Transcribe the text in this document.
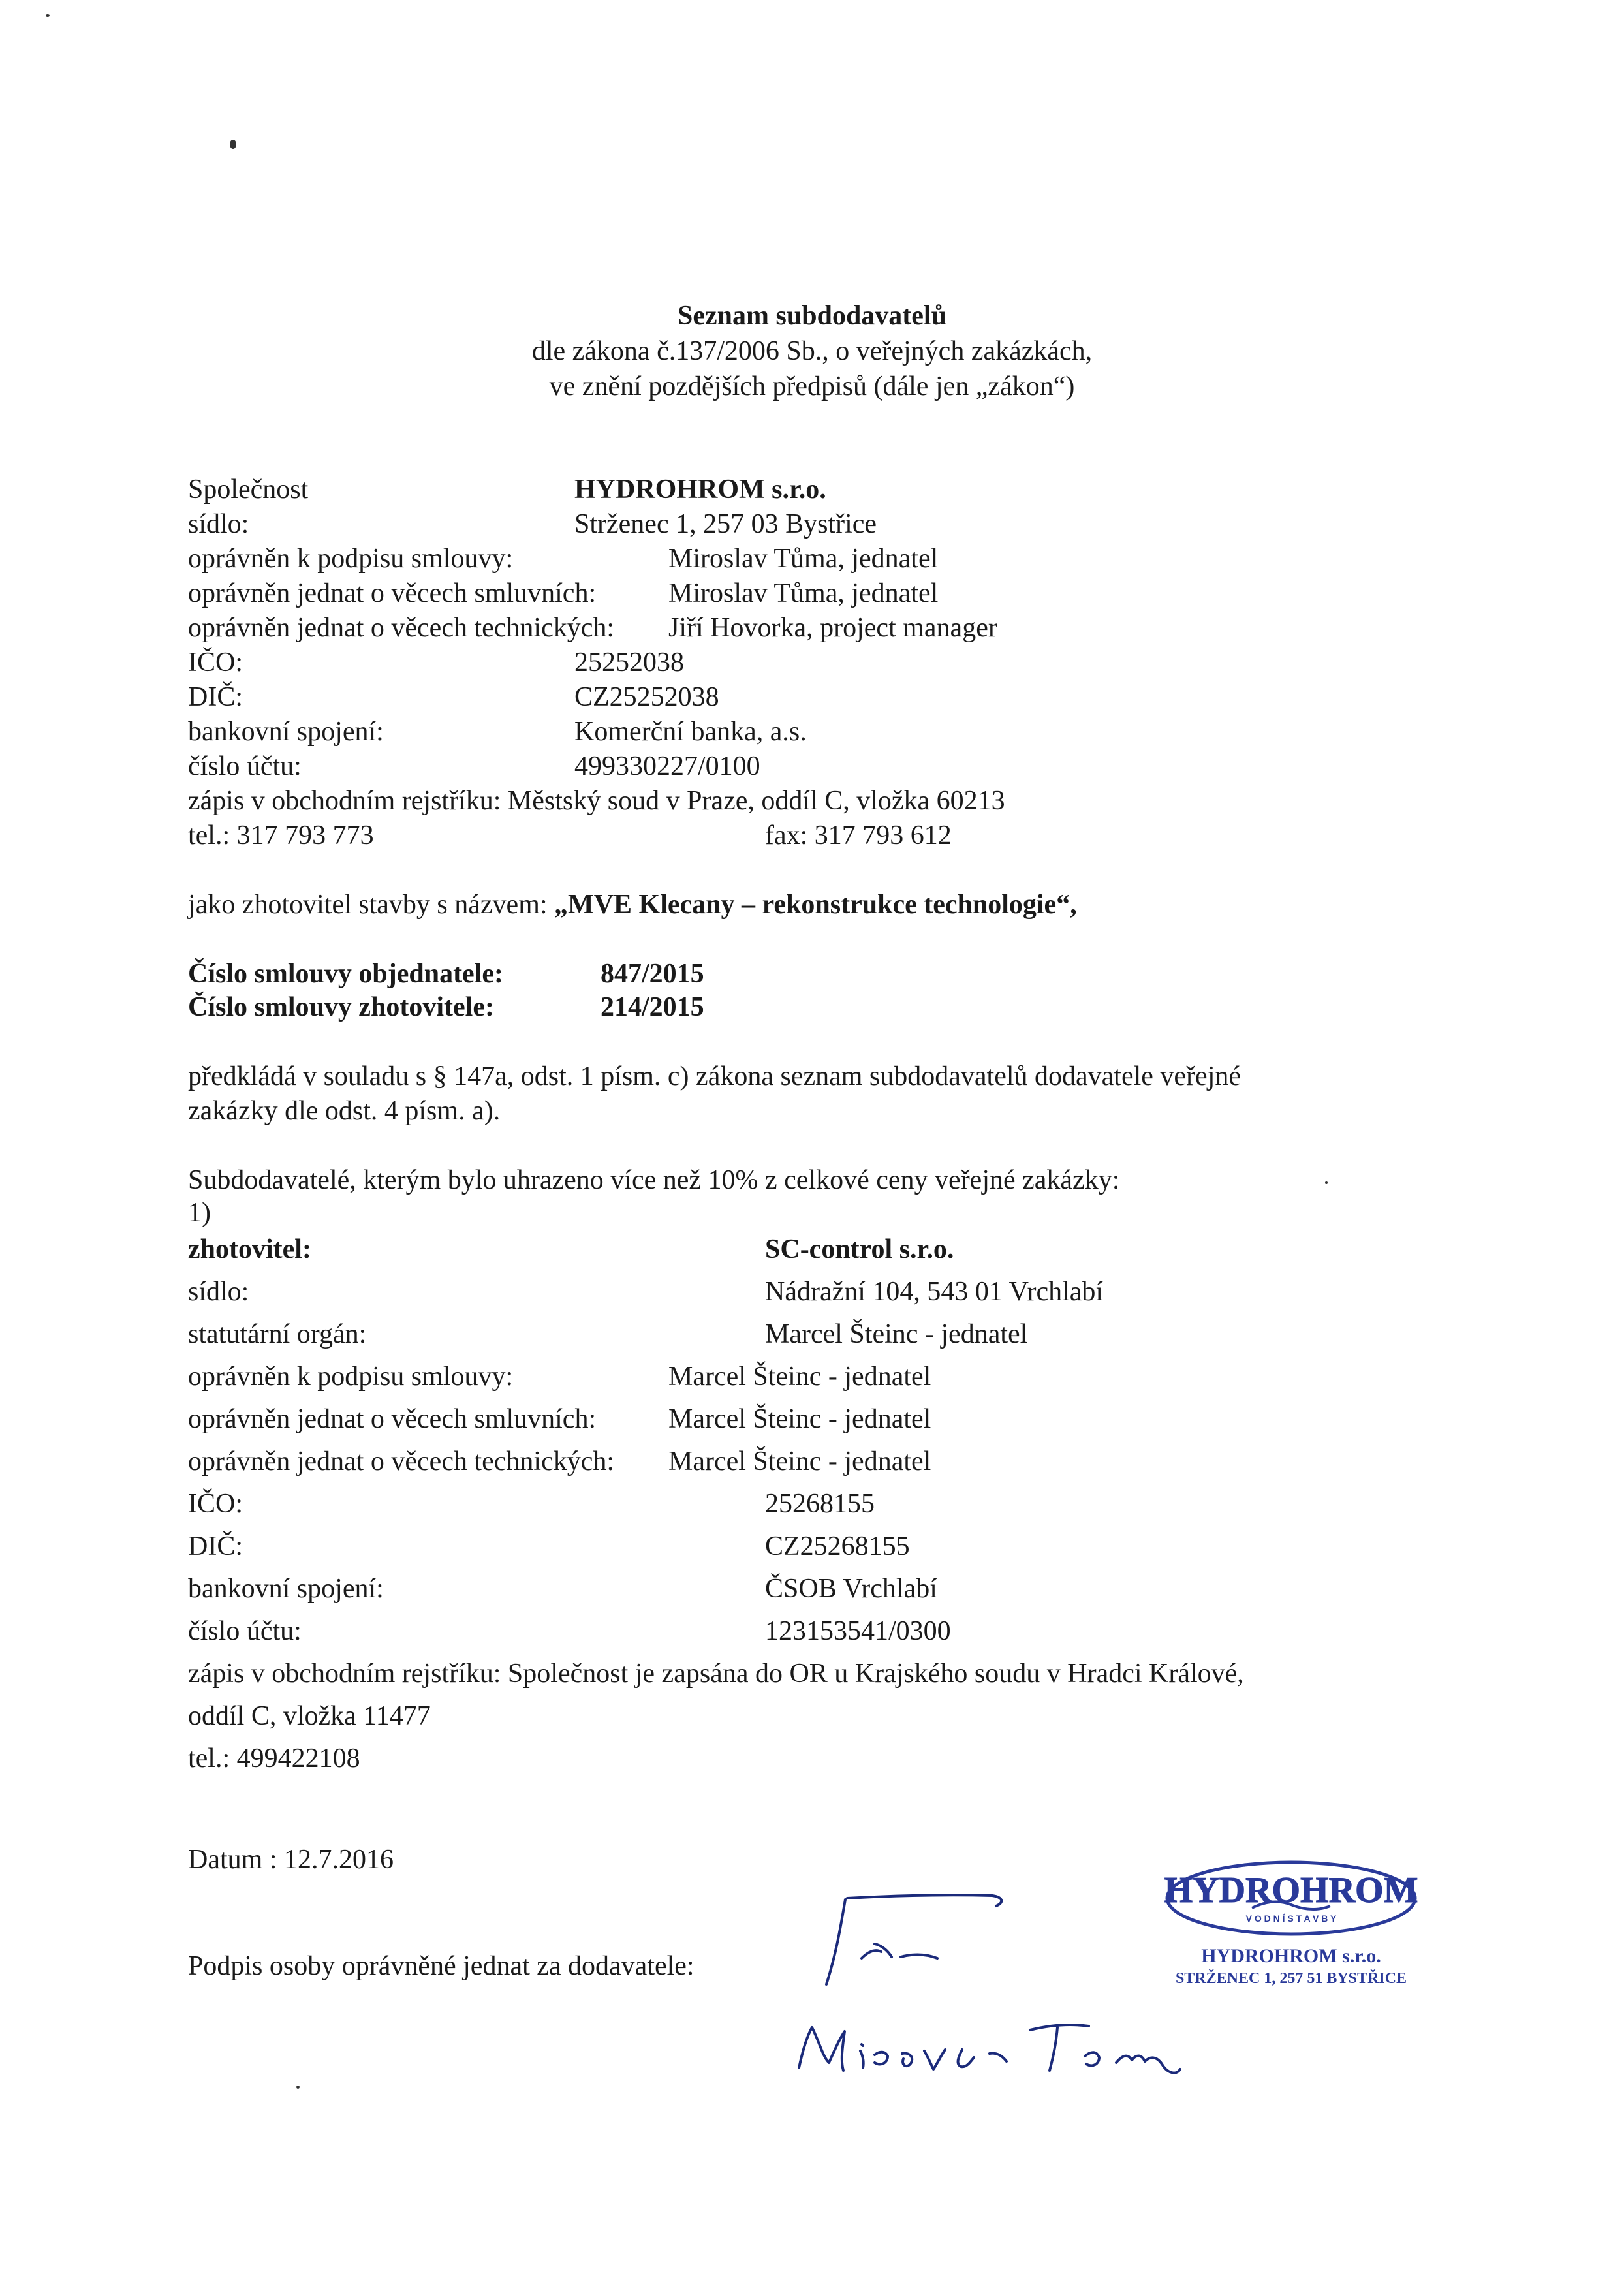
Seznam subdodavatelů
dle zákona č.137/2006 Sb., o veřejných zakázkách,
ve znění pozdějších předpisů (dále jen „zákon“)
Společnost	HYDROHROM s.r.o.
sídlo:	Strženec 1, 257 03 Bystřice
oprávněn k podpisu smlouvy:	Miroslav Tůma, jednatel
oprávněn jednat o věcech smluvních:	Miroslav Tůma, jednatel
oprávněn jednat o věcech technických: Jiří Hovorka, project manager
IČO:	25252038
DIČ:	CZ25252038
bankovní spojení:	Komerční banka, a.s.
číslo účtu:	499330227/0100
zápis v obchodním rejstříku: Městský soud v Praze, oddíl C, vložka 60213
tel.: 317 793 773	fax: 317 793 612
jako zhotovitel stavby s názvem: „MVE Klecany – rekonstrukce technologie“,
Číslo smlouvy objednatele:	847/2015
Číslo smlouvy zhotovitele:	214/2015
předkládá v souladu s § 147a, odst. 1 písm. c) zákona seznam subdodavatelů dodavatele veřejné
zakázky dle odst. 4 písm. a).
Subdodavatelé, kterým bylo uhrazeno více než 10% z celkové ceny veřejné zakázky:
1)
zhotovitel:	SC-control s.r.o.
sídlo:	Nádražní 104, 543 01 Vrchlabí
statutární orgán:	Marcel Šteinc - jednatel
oprávněn k podpisu smlouvy:	Marcel Šteinc - jednatel
oprávněn jednat o věcech smluvních:	Marcel Šteinc - jednatel
oprávněn jednat o věcech technických: Marcel Šteinc - jednatel
IČO:	25268155
DIČ:	CZ25268155
bankovní spojení:	ČSOB Vrchlabí
číslo účtu:	123153541/0300
zápis v obchodním rejstříku: Společnost je zapsána do OR u Krajského soudu v Hradci Králové,
oddíl C, vložka 11477
tel.: 499422108
Datum : 12.7.2016
Podpis osoby oprávněné jednat za dodavatele:
HYDROHROM
V O D N Í S T A V B Y
HYDROHROM s.r.o.
STRŽENEC 1, 257 51 BYSTŘICE
